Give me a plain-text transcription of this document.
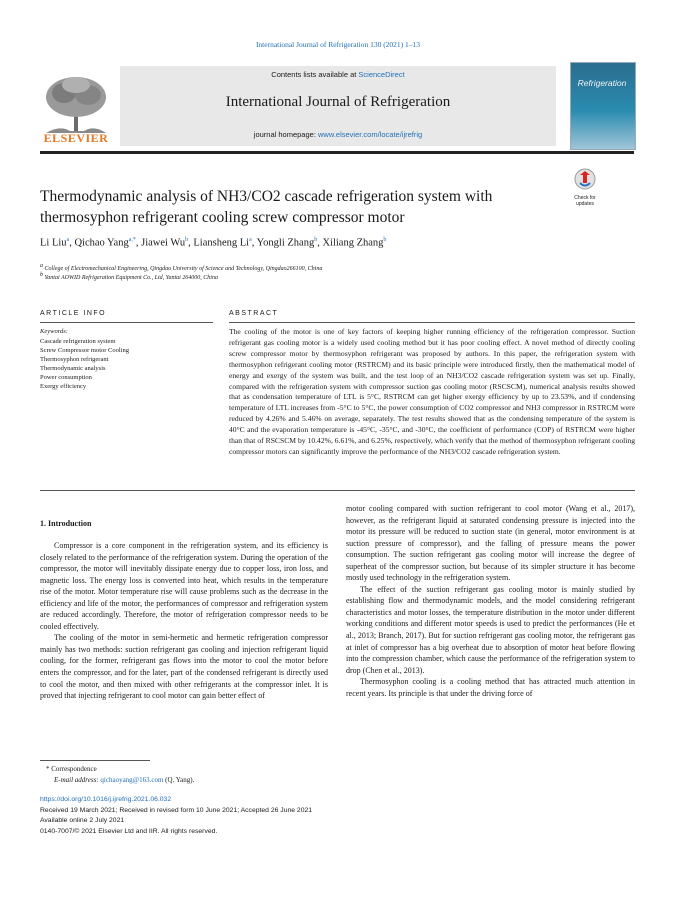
International Journal of Refrigeration 130 (2021) 1–13
ELSEVIER
Contents lists available at ScienceDirect
International Journal of Refrigeration
journal homepage: www.elsevier.com/locate/ijrefrig
Refrigeration
Thermodynamic analysis of NH3/CO2 cascade refrigeration system with
thermosyphon refrigerant cooling screw compressor motor
Check for updates
Li Liu$^a$, Qichao Yang$^{a,*}$, Jiawei Wu$^b$, Liansheng Li$^a$, Yongli Zhang$^b$, Xiliang Zhang$^b$
$^a$ College of Electromechanical Engineering, Qingdao University of Science and Technology, Qingdao266100, China
$^b$ Yantai AOWID Refrigeration Equipment Co., Ltd, Yantai 264000, China
ARTICLE INFO	ABSTRACT
Keywords:
Cascade refrigeration system
Screw Compressor motor Cooling
Thermosyphon refrigerant
Thermodynamic analysis
Power consumption
Exergy efficiency
The cooling of the motor is one of key factors of keeping higher running efficiency of the refrigeration compressor. Suction refrigerant gas cooling motor is a widely used cooling method but it has poor cooling effect. A novel method of directly cooling screw compressor motor by thermosyphon refrigerant was proposed by authors. In this paper, the refrigeration system with thermosyphon refrigerant cooling motor (RSTRCM) and its basic principle were introduced firstly, then the mathematical model of energy and exergy of the system was built, and the test loop of an NH3/CO2 cascade refrigeration system was set up. Finally, compared with the refrigeration system with compressor suction gas cooling motor (RSCSCM), numerical analysis results showed that as condensation temperature of LTL is 5°C, RSTRCM can get higher exergy efficiency by up to 23.53%, and if condensing temperature of LTL increases from -5°C to 5°C, the power consumption of CO2 compressor and NH3 compressor in RSTRCM were reduced by 4.26% and 5.46% on average, separately. The test results showed that as the condensing temperature of the system is 40°C and the evaporation temperature is -45°C, -35°C, and -30°C, the coefficient of performance (COP) of RSTRCM were higher than that of RSCSCM by 10.42%, 6.61%, and 6.25%, respectively, which verify that the method of thermosyphon refrigerant cooling compressor motors can significantly improve the performance of the NH3/CO2 cascade refrigeration system.
1. Introduction

Compressor is a core component in the refrigeration system, and its efficiency is closely related to the performance of the refrigeration system. During the operation of the compressor, the motor will inevitably dissipate energy due to copper loss, iron loss, and magnetic loss. The energy loss is converted into heat, which results in the temperature rise of the motor. Motor temperature rise will cause problems such as the decrease in the efficiency and life of the motor, the performances of compressor and refrigeration system are reduced accordingly. Therefore, the motor of refrigeration compressor needs to be cooled effectively.

The cooling of the motor in semi-hermetic and hermetic refrigeration compressor mainly has two methods: suction refrigerant gas cooling and injection refrigerant liquid cooling, for the former, refrigerant gas flows into the motor to cool the motor before enters the compressor, and for the later, part of the condensed refrigerant is directly used to cool the motor, and then mixed with other refrigerants at the compressor inlet. It is proved that injecting refrigerant to cool motor can gain better effect of

motor cooling compared with suction refrigerant to cool motor (Wang et al., 2017), however, as the refrigerant liquid at saturated condensing pressure is injected into the motor its pressure will be reduced to suction state (in general, motor environment is at suction pressure of compressor), and the falling of pressure means the power consumption. The suction refrigerant gas cooling motor will increase the degree of superheat of the compressor suction, but because of its simpler structure it has become mostly used technology in the refrigeration system.

The effect of the suction refrigerant gas cooling motor is mainly studied by establishing flow and thermodynamic models, and the model considering refrigerant characteristics and motor losses, the temperature distribution in the motor under different working conditions and different motor speeds is used to predict the performances (He et al., 2013; Branch, 2017). But for suction refrigerant gas cooling motor, the refrigerant gas at inlet of compressor has a big overheat due to absorption of motor heat before flowing into the compression chamber, which cause the performance of the refrigeration system to drop (Chen et al., 2013).

Thermosyphon cooling is a cooling method that has attracted much attention in recent years. Its principle is that under the driving force of

* Correspondence
E-mail address: qichaoyang@163.com (Q. Yang).
https://doi.org/10.1016/j.ijrefrig.2021.06.032
Received 19 March 2021; Received in revised form 10 June 2021; Accepted 26 June 2021
Available online 2 July 2021
0140-7007/© 2021 Elsevier Ltd and IIR. All rights reserved.
